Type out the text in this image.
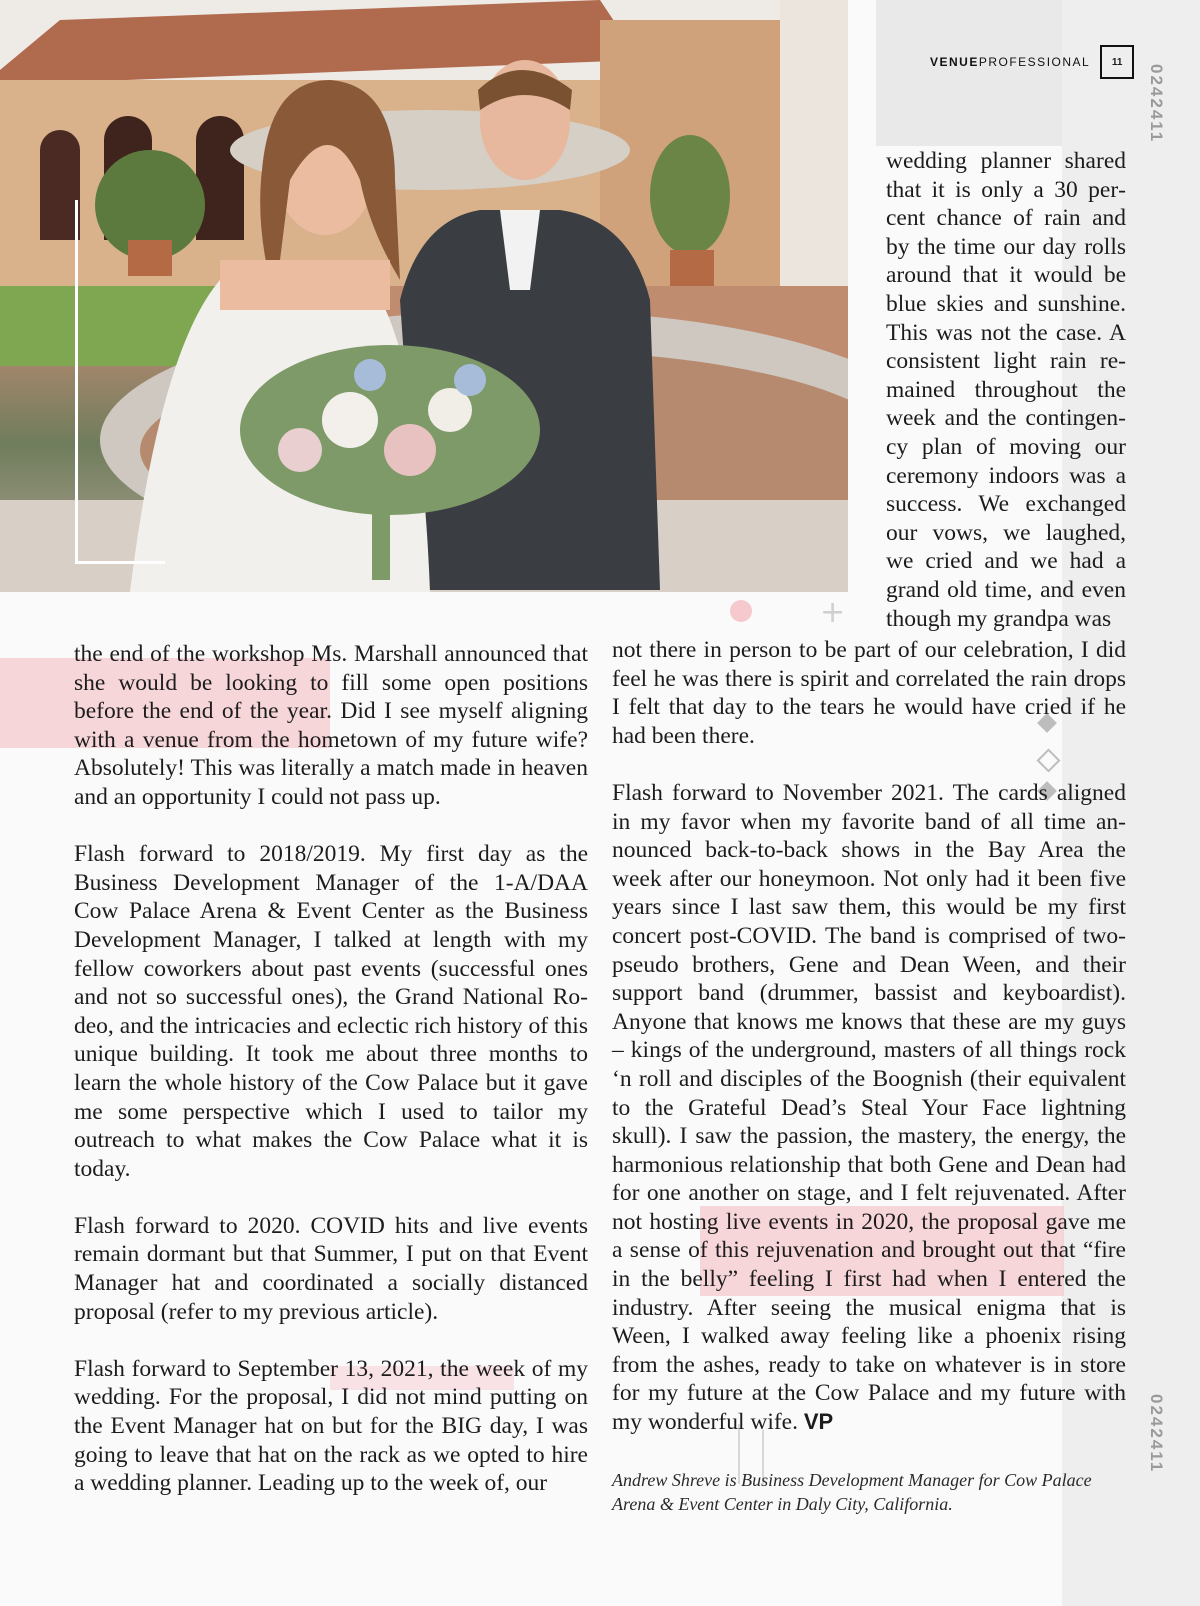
+
VENUEPROFESSIONAL	11
0242411
0242411

wedding planner shared that it is only a 30 percent chance of rain and by the time our day rolls around that it would be blue skies and sunshine. This was not the case. A consistent light rain remained throughout the week and the contingency plan of moving our ceremony indoors was a success. We exchanged our vows, we laughed, we cried and we had a grand old time, and even though my grandpa was

the end of the workshop Ms. Marshall announced that she would be looking to fill some open positions before the end of the year. Did I see myself aligning with a venue from the hometown of my future wife? Absolutely! This was literally a match made in heaven and an opportunity I could not pass up.

Flash forward to 2018/2019. My first day as the Business Development Manager of the 1-A/DAA Cow Palace Arena & Event Center as the Business Development Manager, I talked at length with my fellow coworkers about past events (successful ones and not so successful ones), the Grand National Rodeo, and the intricacies and eclectic rich history of this unique building. It took me about three months to learn the whole history of the Cow Palace but it gave me some perspective which I used to tailor my outreach to what makes the Cow Palace what it is today.

Flash forward to 2020. COVID hits and live events remain dormant but that Summer, I put on that Event Manager hat and coordinated a socially distanced proposal (refer to my previous article).

Flash forward to September 13, 2021, the week of my wedding. For the proposal, I did not mind putting on the Event Manager hat on but for the BIG day, I was going to leave that hat on the rack as we opted to hire a wedding planner. Leading up to the week of, our

not there in person to be part of our celebration, I did feel he was there is spirit and correlated the rain drops I felt that day to the tears he would have cried if he had been there.

Flash forward to November 2021. The cards aligned in my favor when my favorite band of all time announced back-to-back shows in the Bay Area the week after our honeymoon. Not only had it been five years since I last saw them, this would be my first concert post-COVID. The band is comprised of two-pseudo brothers, Gene and Dean Ween, and their support band (drummer, bassist and keyboardist). Anyone that knows me knows that these are my guys – kings of the underground, masters of all things rock ‘n roll and disciples of the Boognish (their equivalent to the Grateful Dead’s Steal Your Face lightning skull). I saw the passion, the mastery, the energy, the harmonious relationship that both Gene and Dean had for one another on stage, and I felt rejuvenated. After not hosting live events in 2020, the proposal gave me a sense of this rejuvenation and brought out that “fire in the belly” feeling I first had when I entered the industry. After seeing the musical enigma that is Ween, I walked away feeling like a phoenix rising from the ashes, ready to take on whatever is in store for my future at the Cow Palace and my future with my wonderful wife. VP

Andrew Shreve is Business Development Manager for Cow Palace Arena & Event Center in Daly City, California.
